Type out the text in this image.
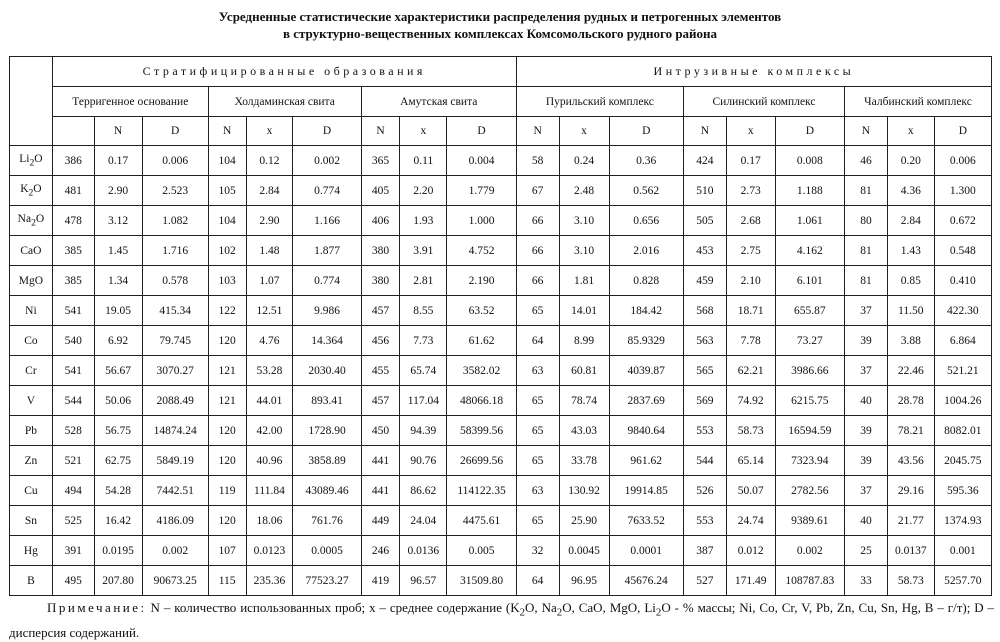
Усредненные статистические характеристики распределения рудных и петрогенных элементов
в структурно-вещественных комплексах Комсомольского рудного района
	Стратифицированные образования									Интрузивные комплексы								
	Терригенное основание			Холдаминская свита			Амутская свита			Пурильский комплекс			Силинский комплекс			Чалбинский комплекс		
		N	D	N	x	D	N	x	D	N	x	D	N	x	D	N	x	D
$Li_2O$	386	0.17	0.006	104	0.12	0.002	365	0.11	0.004	58	0.24	0.36	424	0.17	0.008	46	0.20	0.006
$K_2O$	481	2.90	2.523	105	2.84	0.774	405	2.20	1.779	67	2.48	0.562	510	2.73	1.188	81	4.36	1.300
$Na_2O$	478	3.12	1.082	104	2.90	1.166	406	1.93	1.000	66	3.10	0.656	505	2.68	1.061	80	2.84	0.672
CaO	385	1.45	1.716	102	1.48	1.877	380	3.91	4.752	66	3.10	2.016	453	2.75	4.162	81	1.43	0.548
MgO	385	1.34	0.578	103	1.07	0.774	380	2.81	2.190	66	1.81	0.828	459	2.10	6.101	81	0.85	0.410
Ni	541	19.05	415.34	122	12.51	9.986	457	8.55	63.52	65	14.01	184.42	568	18.71	655.87	37	11.50	422.30
Co	540	6.92	79.745	120	4.76	14.364	456	7.73	61.62	64	8.99	85.9329	563	7.78	73.27	39	3.88	6.864
Cr	541	56.67	3070.27	121	53.28	2030.40	455	65.74	3582.02	63	60.81	4039.87	565	62.21	3986.66	37	22.46	521.21
V	544	50.06	2088.49	121	44.01	893.41	457	117.04	48066.18	65	78.74	2837.69	569	74.92	6215.75	40	28.78	1004.26
Pb	528	56.75	14874.24	120	42.00	1728.90	450	94.39	58399.56	65	43.03	9840.64	553	58.73	16594.59	39	78.21	8082.01
Zn	521	62.75	5849.19	120	40.96	3858.89	441	90.76	26699.56	65	33.78	961.62	544	65.14	7323.94	39	43.56	2045.75
Cu	494	54.28	7442.51	119	111.84	43089.46	441	86.62	114122.35	63	130.92	19914.85	526	50.07	2782.56	37	29.16	595.36
Sn	525	16.42	4186.09	120	18.06	761.76	449	24.04	4475.61	65	25.90	7633.52	553	24.74	9389.61	40	21.77	1374.93
Hg	391	0.0195	0.002	107	0.0123	0.0005	246	0.0136	0.005	32	0.0045	0.0001	387	0.012	0.002	25	0.0137	0.001
B	495	207.80	90673.25	115	235.36	77523.27	419	96.57	31509.80	64	96.95	45676.24	527	171.49	108787.83	33	58.73	5257.70
Примечание: N – количество использованных проб; x – среднее содержание ($K_2O$, $Na_2O$, CaO, MgO, $Li_2O$ - % массы; Ni, Co, Cr, V, Pb, Zn, Cu, Sn, Hg, B – г/т); D – дисперсия содержаний.
